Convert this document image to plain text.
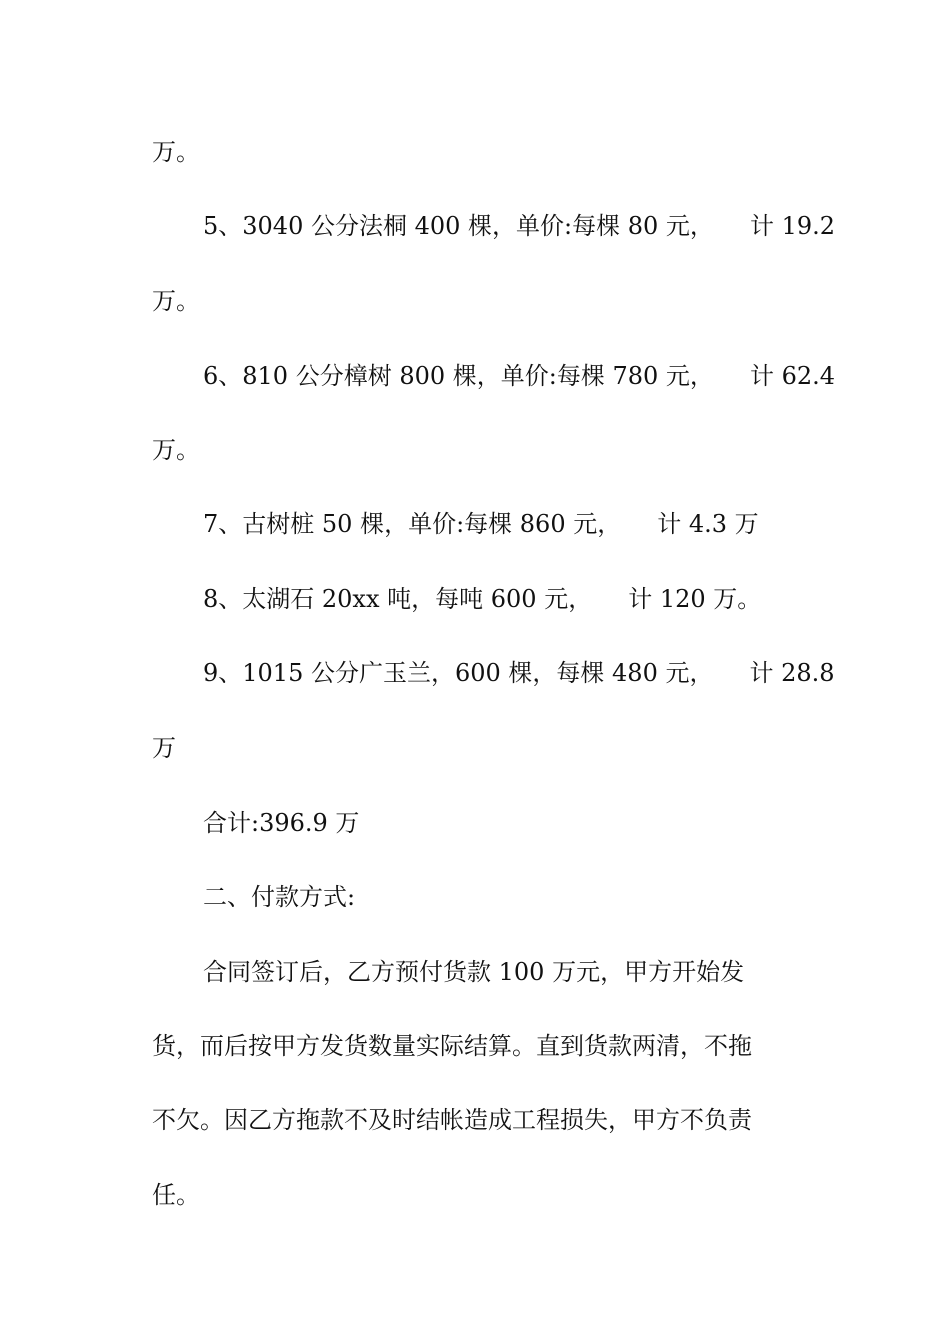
万。
5、3040 公分法桐 400 棵，单价:每棵 80 元， 计 19.2
万。
6、810 公分樟树 800 棵，单价:每棵 780 元， 计 62.4
万。
7、古树桩 50 棵，单价:每棵 860 元， 计 4.3 万
8、太湖石 20xx 吨，每吨 600 元， 计 120 万。
9、1015 公分广玉兰，600 棵，每棵 480 元， 计 28.8
万
合计:396.9 万
二、付款方式:
合同签订后，乙方预付货款 100 万元，甲方开始发
货，而后按甲方发货数量实际结算。直到货款两清，不拖
不欠。因乙方拖款不及时结帐造成工程损失，甲方不负责
任。
